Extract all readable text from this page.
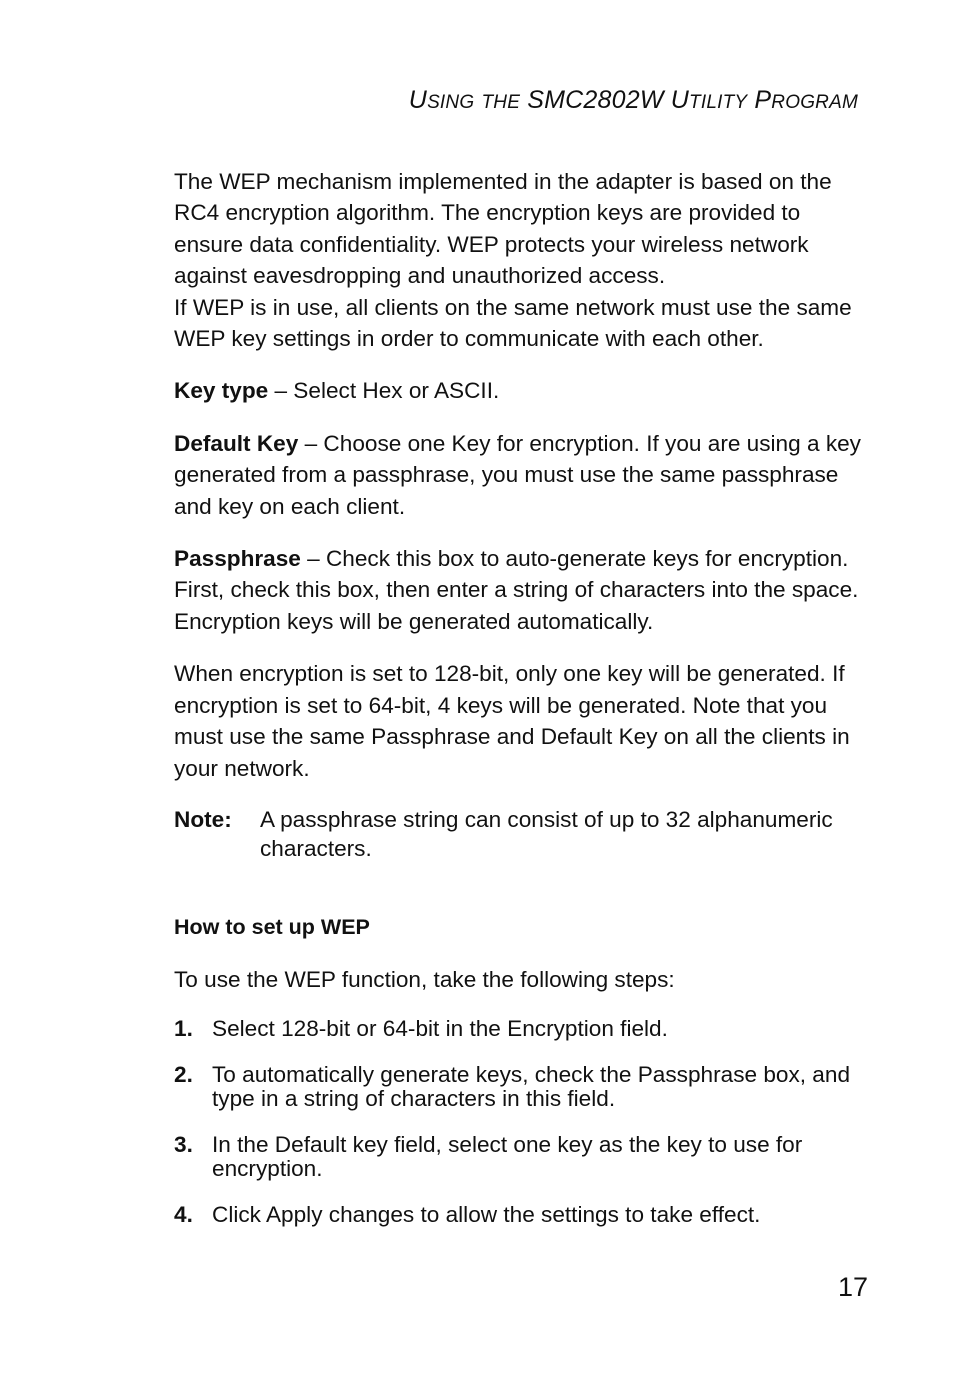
USING THE SMC2802W UTILITY PROGRAM
The WEP mechanism implemented in the adapter is based on the RC4 encryption algorithm. The encryption keys are provided to ensure data confidentiality. WEP protects your wireless network against eavesdropping and unauthorized access.
If WEP is in use, all clients on the same network must use the same WEP key settings in order to communicate with each other.
Key type – Select Hex or ASCII.
Default Key – Choose one Key for encryption. If you are using a key generated from a passphrase, you must use the same passphrase and key on each client.
Passphrase – Check this box to auto-generate keys for encryption. First, check this box, then enter a string of characters into the space. Encryption keys will be generated automatically.
When encryption is set to 128-bit, only one key will be generated. If encryption is set to 64-bit, 4 keys will be generated. Note that you must use the same Passphrase and Default Key on all the clients in your network.
Note:	A passphrase string can consist of up to 32 alphanumeric characters.
How to set up WEP
To use the WEP function, take the following steps:
1. Select 128-bit or 64-bit in the Encryption field.
2. To automatically generate keys, check the Passphrase box, and type in a string of characters in this field.
3. In the Default key field, select one key as the key to use for encryption.
4. Click Apply changes to allow the settings to take effect.
17
